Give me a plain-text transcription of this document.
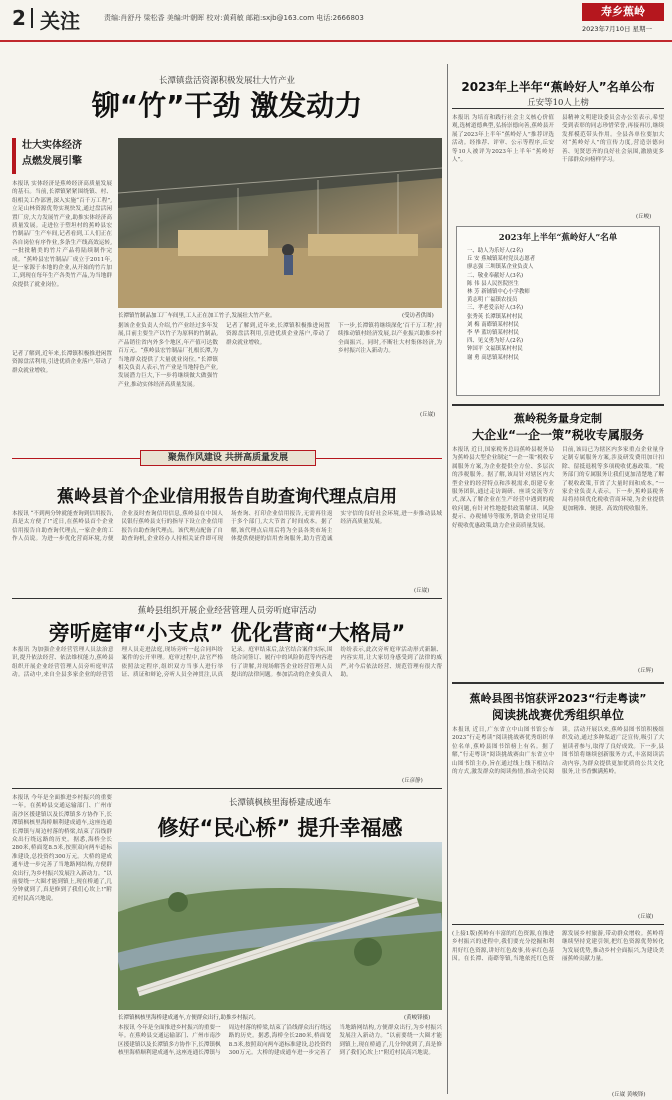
2 关注	责编:肖舒丹 梁松香 美编:叶朝晖 校对:黄莉敏 邮箱:sxjb@163.com 电话:2666803	寿乡蕉岭
2023年7月10日 星期一
长潭镇盘活资源积极发展壮大竹产业
铆“竹”干劲 激发动力
壮大实体经济
点燃发展引擎
本报讯 实体经济是蕉岭经济高质量发展的基石。当前,长潭镇紧紧围绕镇、村、组相关工作部署,深入实施“百千万工程”,立足山林资源优势实现快发,通过盘活闲置厂房,大力发展竹产业,助推实体经济高质量发展。走进位于塑坦村的蕉岭县宏竹制品厂生产车间,记者看到,工人们正在各自岗位有序作业,多条生产线高效运转,一批批精美的竹片产品将陆续制作完成。“蕉岭县宏竹制品厂成立于2011年,是一家源于本地的企业,从开始的竹片加工,到现在每年生产各类竹产品,为当地群众提供了就业岗位。
记者了解到,近年来,长潭镇积极推进闲置资源盘活利用,引进优质企业落户,带动了群众就业增收。
长潭镇竹制品加工厂车间里,工人正在加工竹子,发展壮大竹产业。	(受访者供图)
据该企业负责人介绍,竹产业经过多年发展,目前主要生产以竹子为原料的竹制品,产品销往省内外多个地区,年产值可达数百万元。“蕉岭县宏竹制品厂扎根长潭,为当地群众提供了大量就业岗位。”长潭镇相关负责人表示,竹产业是当地特色产业,发展潜力巨大,下一步将继续做大做强竹产业,推动实体经济高质量发展。
记者了解到,近年来,长潭镇积极推进闲置资源盘活利用,引进优质企业落户,带动了群众就业增收。
下一步,长潭镇将继续深化‘百千万工程’,持续推动镇村经济发展,以产业振兴助推乡村全面振兴。同时,不断壮大村集体经济,为乡村振兴注入新动力。
(丘崴)
2023年上半年“蕉岭好人”名单公布
丘安等10人上榜
本报讯 为培育和践行社会主义核心价值观,选树道德典型,弘扬崇德向善,蕉岭县开展了2023年上半年“蕉岭好人”推荐评选活动。经推荐、评审、公示等程序,丘安等10人被评为2023年上半年“蕉岭好人”。
县精神文明建设委员会办公室表示,希望受到表彰的同志珍惜荣誉,再接再厉,继续发挥模范带头作用。全县各单位要加大对“蕉岭好人”的宣传力度,营造崇德向善、见贤思齐的良好社会氛围,激励更多干部群众向榜样学习。
(丘峻)
2023年上半年“蕉岭好人”名单
一、助人为乐好人(2名)
丘 安 蕉城镇某村党员志愿者
廖志强 三圳镇某企业负责人
二、敬业奉献好人(3名)
陈 伟 县人民医院医生
林 芳 新铺镇中心小学教师
黄志明 广福镇农技员
三、孝老爱亲好人(3名)
张秀英 长潭镇某村村民
刘 梅 南磜镇某村村民
李 华 蓝坊镇某村村民
四、见义勇为好人(2名)
钟国平 文福镇某村村民
谢 勇 高思镇某村村民
蕉岭税务量身定制
大企业“一企一策”税收专属服务
本报讯 近日,国家税务总局蕉岭县税务局为蕉岭县大型企业制定“一企一策”税收专属服务方案,为企业提供全方位、多层次的涉税服务。据了解,该局针对辖区内大型企业的经营特点和涉税需求,组建专业服务团队,通过走访调研、座谈交流等方式,深入了解企业在生产经营中遇到的税收问题,有针对性地提供政策解读、风险提示、办税辅导等服务,帮助企业用足用好税收优惠政策,助力企业高质量发展。
目前,该局已为辖区内多家重点企业量身定制专属服务方案,涉及研发费用加计扣除、留抵退税等多项税收优惠政策。“税务部门的专属服务让我们更加清楚地了解了税收政策,节省了大量时间和成本。”一家企业负责人表示。下一步,蕉岭县税务局将持续优化税收营商环境,为企业提供更加精准、便捷、高效的税收服务。
(丘辉)
聚焦作风建设 共拼高质量发展
蕉岭县首个企业信用报告自助查询代理点启用
本报讯 “不到两分钟就能查询到信用报告,真是太方便了!”近日,在蕉岭县首个企业信用报告自助查询代理点,一家企业的工作人员说。为进一步优化营商环境,方便企业及时查询信用信息,蕉岭县在中国人民银行蕉岭县支行的指导下设立企业信用报告自助查询代理点。该代理点配备了自助查询机,企业经办人持相关证件即可现场查询、打印企业信用报告,无需再往返于多个部门,大大节省了时间成本。据了解,该代理点启用后将为全县各类市场主体提供便捷的信用查询服务,助力营造诚实守信的良好社会环境,进一步推动县域经济高质量发展。
(丘崴)
蕉岭县组织开展企业经营管理人员旁听庭审活动
旁听庭审“小支点” 优化营商“大格局”
本报讯 为加强企业经营管理人员法治意识,提升依法经营、依法维权能力,蕉岭县组织开展企业经营管理人员旁听庭审活动。活动中,来自全县多家企业的经营管理人员走进法庭,现场旁听一起合同纠纷案件的公开审理。庭审过程中,法官严格依照法定程序,组织双方当事人进行举证、质证和辩论,旁听人员全神贯注,认真记录。庭审结束后,法官结合案件实际,围绕合同签订、履行中的风险防范等内容进行了讲解,并现场解答企业经营管理人员提出的法律问题。参加活动的企业负责人纷纷表示,此次旁听庭审活动形式新颖、内容实用,让大家切身感受到了法律的威严,对今后依法经营、规范管理有很大帮助。
(丘彦静)
本报讯 今年是全面推进乡村振兴的重要一年。在蕉岭县交通运输部门、广州市南沙区援建镇以及长潭镇多方协作下,长潭镇枫核里海桥顺利建成通车,这座连通长潭镇与周边村落的桥梁,结束了沿线群众出行绕远路的历史。据悉,海桥全长280米,桥面宽8.5米,按照双向两车道标准建设,总投资约300万元。大桥的建成通车进一步完善了当地路网结构,方便群众出行,为乡村振兴发展注入新动力。“以前要绕一大圈才能到镇上,现在桥通了,几分钟就到了,真是修到了我们心坎上!”附近村民高兴地说。
长潭镇枫核里海桥建成通车
修好“民心桥” 提升幸福感
长潭镇枫核里海桥建成通车,方便群众出行,助推乡村振兴。	(黄峻锋摄)
本报讯 今年是全面推进乡村振兴的重要一年。在蕉岭县交通运输部门、广州市南沙区援建镇以及长潭镇多方协作下,长潭镇枫核里海桥顺利建成通车,这座连通长潭镇与周边村落的桥梁,结束了沿线群众出行绕远路的历史。据悉,海桥全长280米,桥面宽8.5米,按照双向两车道标准建设,总投资约300万元。大桥的建成通车进一步完善了当地路网结构,方便群众出行,为乡村振兴发展注入新动力。“以前要绕一大圈才能到镇上,现在桥通了,几分钟就到了,真是修到了我们心坎上!”附近村民高兴地说。
蕉岭县图书馆获评2023“行走粤读”
阅读挑战赛优秀组织单位
本报讯 近日,广东省立中山图书馆公布2023“行走粤读”阅读挑战赛优秀组织单位名单,蕉岭县图书馆榜上有名。据了解,“行走粤读”阅读挑战赛由广东省立中山图书馆主办,旨在通过线上线下相结合的方式,激发群众的阅读热情,推动全民阅读。活动开展以来,蕉岭县图书馆积极组织发动,通过多种渠道广泛宣传,吸引了大量读者参与,取得了良好成效。下一步,县图书馆将继续创新服务方式,丰富阅读活动内容,为群众提供更加优质的公共文化服务,让书香飘满蕉岭。
(丘崴)
(上接1版)蕉岭有丰富的红色资源,在推进乡村振兴的进程中,我们要充分挖掘和利用好红色资源,讲好红色故事,传承红色基因。在长潭、南磜等镇,当地依托红色资源发展乡村旅游,带动群众增收。蕉岭将继续坚持党建引领,把红色资源优势转化为发展优势,推动乡村全面振兴,为建设美丽蕉岭贡献力量。
(丘崴 黄峻锋)
